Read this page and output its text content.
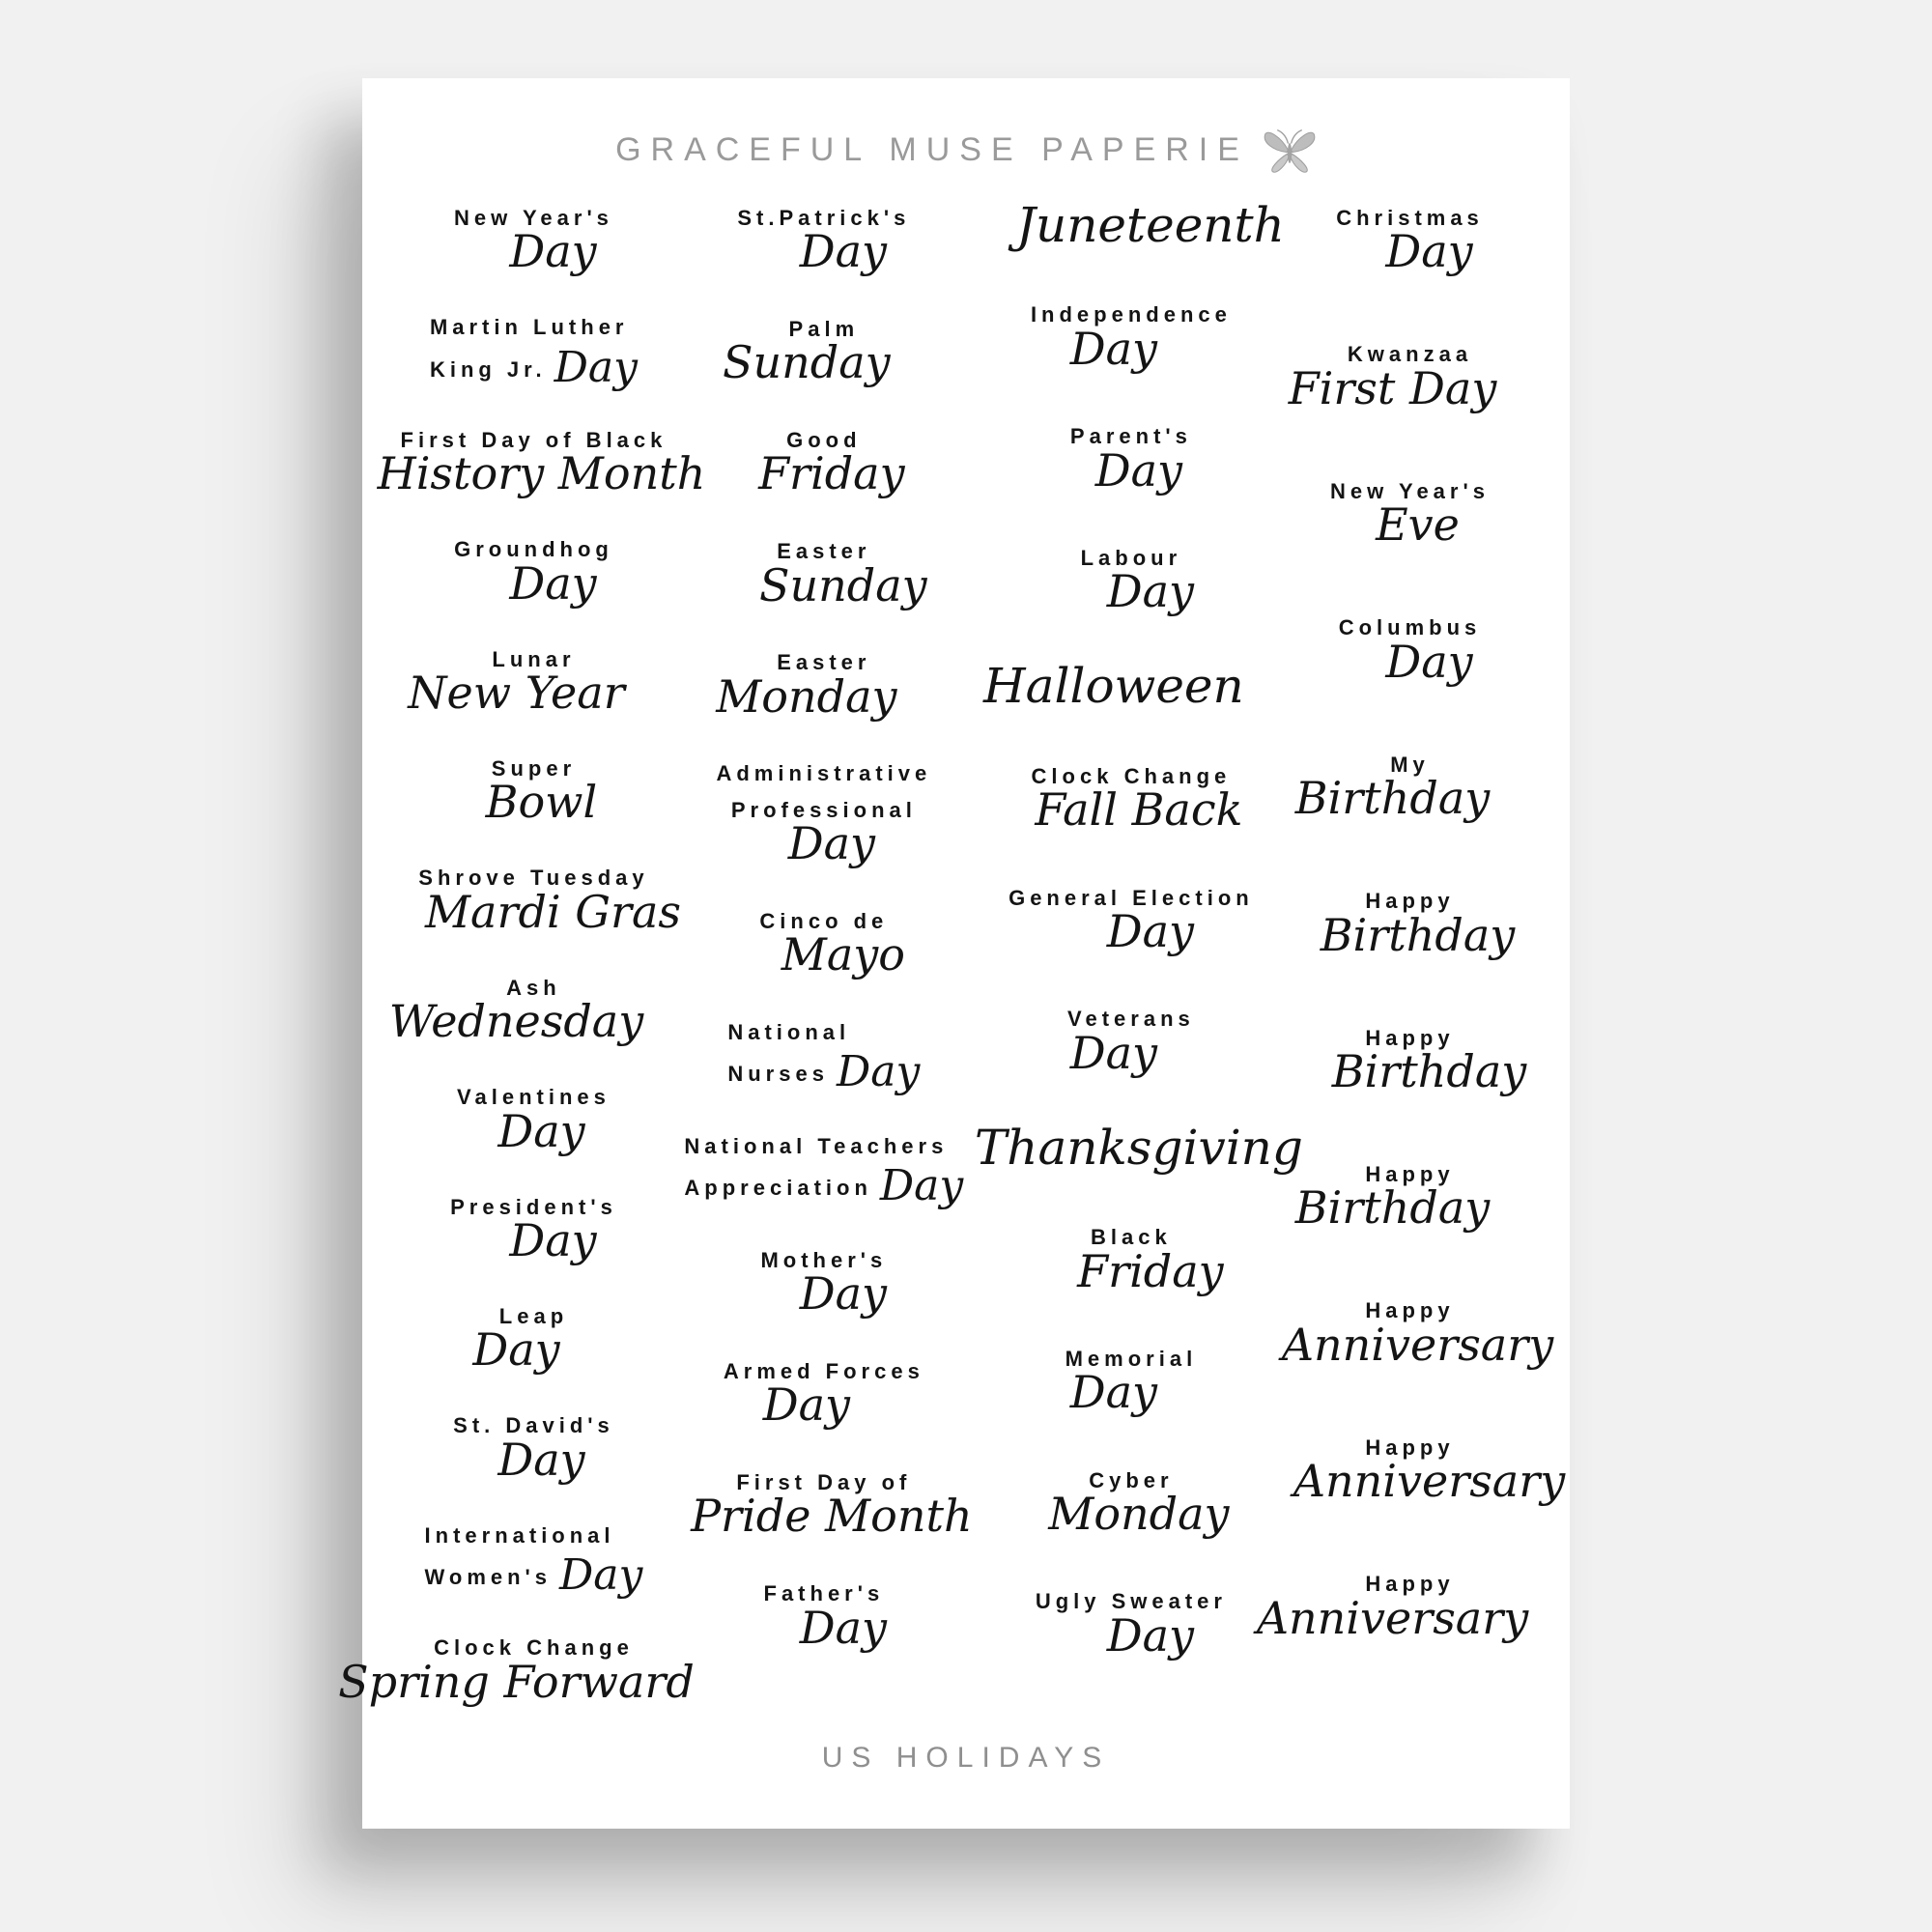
GRACEFUL MUSE PAPERIE
New Year's
Day
Martin Luther
King Jr. Day
First Day of Black
History Month
Groundhog
Day
Lunar
New Year
Super
Bowl
Shrove Tuesday
Mardi Gras
Ash
Wednesday
Valentines
Day
President's
Day
Leap
Day
St. David's
Day
International
Women's Day
Clock Change
Spring Forward
St.Patrick's
Day
Palm
Sunday
Good
Friday
Easter
Sunday
Easter
Monday
Administrative
Professional
Day
Cinco de
Mayo
National
Nurses Day
National Teachers
Appreciation Day
Mother's
Day
Armed Forces
Day
First Day of
Pride Month
Father's
Day
Juneteenth
Independence
Day
Parent's
Day
Labour
Day
Halloween
Clock Change
Fall Back
General Election
Day
Veterans
Day
Thanksgiving
Black
Friday
Memorial
Day
Cyber
Monday
Ugly Sweater
Day
Christmas
Day
Kwanzaa
First Day
New Year's
Eve
Columbus
Day
My
Birthday
Happy
Birthday
Happy
Birthday
Happy
Birthday
Happy
Anniversary
Happy
Anniversary
Happy
Anniversary
US HOLIDAYS
